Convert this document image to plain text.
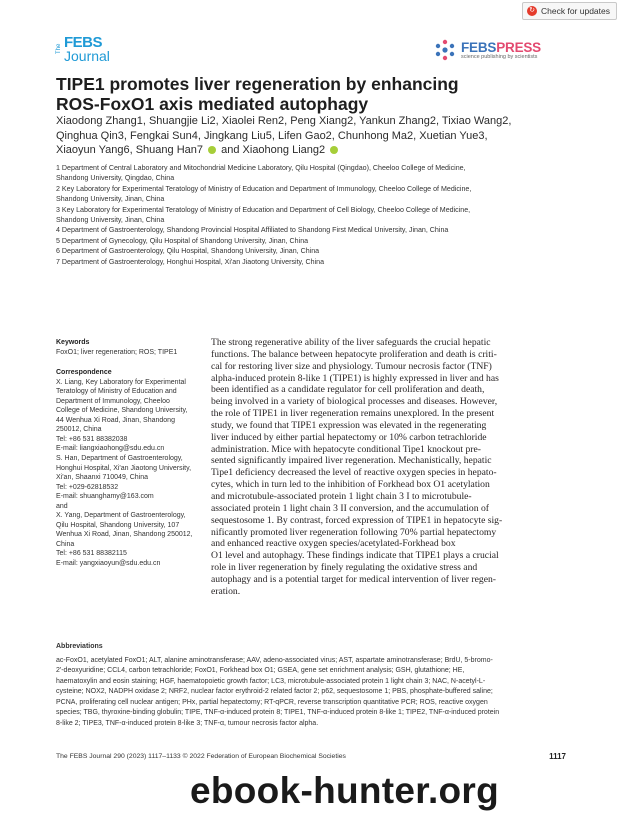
↻ Check for updates
The FEBS
Journal
FEBSPRESS
science publishing by scientists
TIPE1 promotes liver regeneration by enhancing
ROS-FoxO1 axis mediated autophagy
Xiaodong Zhang1, Shuangjie Li2, Xiaolei Ren2, Peng Xiang2, Yankun Zhang2, Tixiao Wang2,
Qinghua Qin3, Fengkai Sun4, Jingkang Liu5, Lifen Gao2, Chunhong Ma2, Xuetian Yue3,
Xiaoyun Yang6, Shuang Han7 and Xiaohong Liang2
1 Department of Central Laboratory and Mitochondrial Medicine Laboratory, Qilu Hospital (Qingdao), Cheeloo College of Medicine,
Shandong University, Qingdao, China
2 Key Laboratory for Experimental Teratology of Ministry of Education and Department of Immunology, Cheeloo College of Medicine,
Shandong University, Jinan, China
3 Key Laboratory for Experimental Teratology of Ministry of Education and Department of Cell Biology, Cheeloo College of Medicine,
Shandong University, Jinan, China
4 Department of Gastroenterology, Shandong Provincial Hospital Affiliated to Shandong First Medical University, Jinan, China
5 Department of Gynecology, Qilu Hospital of Shandong University, Jinan, China
6 Department of Gastroenterology, Qilu Hospital, Shandong University, Jinan, China
7 Department of Gastroenterology, Honghui Hospital, Xi'an Jiaotong University, China
Keywords
FoxO1; liver regeneration; ROS; TIPE1
Correspondence
X. Liang, Key Laboratory for Experimental
Teratology of Ministry of Education and
Department of Immunology, Cheeloo
College of Medicine, Shandong University,
44 Wenhua Xi Road, Jinan, Shandong
250012, China
Tel: +86 531 88382038
E-mail: liangxiaohong@sdu.edu.cn
S. Han, Department of Gastroenterology,
Honghui Hospital, Xi'an Jiaotong University,
Xi'an, Shaanxi 710049, China
Tel: +029-62818532
E-mail: shuanghamy@163.com
and
X. Yang, Department of Gastroenterology,
Qilu Hospital, Shandong University, 107
Wenhua Xi Road, Jinan, Shandong 250012,
China
Tel: +86 531 88382115
E-mail: yangxiaoyun@sdu.edu.cn
The strong regenerative ability of the liver safeguards the crucial hepatic
functions. The balance between hepatocyte proliferation and death is criti-
cal for restoring liver size and physiology. Tumour necrosis factor (TNF)
alpha-induced protein 8-like 1 (TIPE1) is highly expressed in liver and has
been identified as a candidate regulator for cell proliferation and death,
being involved in a variety of biological processes and diseases. However,
the role of TIPE1 in liver regeneration remains unexplored. In the present
study, we found that TIPE1 expression was elevated in the regenerating
liver induced by either partial hepatectomy or 10% carbon tetrachloride
administration. Mice with hepatocyte conditional Tipe1 knockout pre-
sented significantly impaired liver regeneration. Mechanistically, hepatic
Tipe1 deficiency decreased the level of reactive oxygen species in hepato-
cytes, which in turn led to the inhibition of Forkhead box O1 acetylation
and microtubule-associated protein 1 light chain 3 I to microtubule-
associated protein 1 light chain 3 II conversion, and the accumulation of
sequestosome 1. By contrast, forced expression of TIPE1 in hepatocyte sig-
nificantly promoted liver regeneration following 70% partial hepatectomy
and enhanced reactive oxygen species/acetylated-Forkhead box
O1 level and autophagy. These findings indicate that TIPE1 plays a crucial
role in liver regeneration by finely regulating the oxidative stress and
autophagy and is a potential target for medical intervention of liver regen-
eration.
Abbreviations
ac-FoxO1, acetylated FoxO1; ALT, alanine aminotransferase; AAV, adeno-associated virus; AST, aspartate aminotransferase; BrdU, 5-bromo-
2'-deoxyuridine; CCL4, carbon tetrachloride; FoxO1, Forkhead box O1; GSEA, gene set enrichment analysis; GSH, glutathione; HE,
haematoxylin and eosin staining; HGF, haematopoietic growth factor; LC3, microtubule-associated protein 1 light chain 3; NAC, N-acetyl-L-
cysteine; NOX2, NADPH oxidase 2; NRF2, nuclear factor erythroid-2 related factor 2; p62, sequestosome 1; PBS, phosphate-buffered saline;
PCNA, proliferating cell nuclear antigen; PHx, partial hepatectomy; RT-qPCR, reverse transcription quantitative PCR; ROS, reactive oxygen
species; TBG, thyroxine-binding globulin; TIPE, TNF-α-induced protein 8; TIPE1, TNF-α-induced protein 8-like 1; TIPE2, TNF-α-induced protein
8-like 2; TIPE3, TNF-α-induced protein 8-like 3; TNF-α, tumour necrosis factor alpha.
The FEBS Journal 290 (2023) 1117–1133 © 2022 Federation of European Biochemical Societies	1117
ebook-hunter.org
